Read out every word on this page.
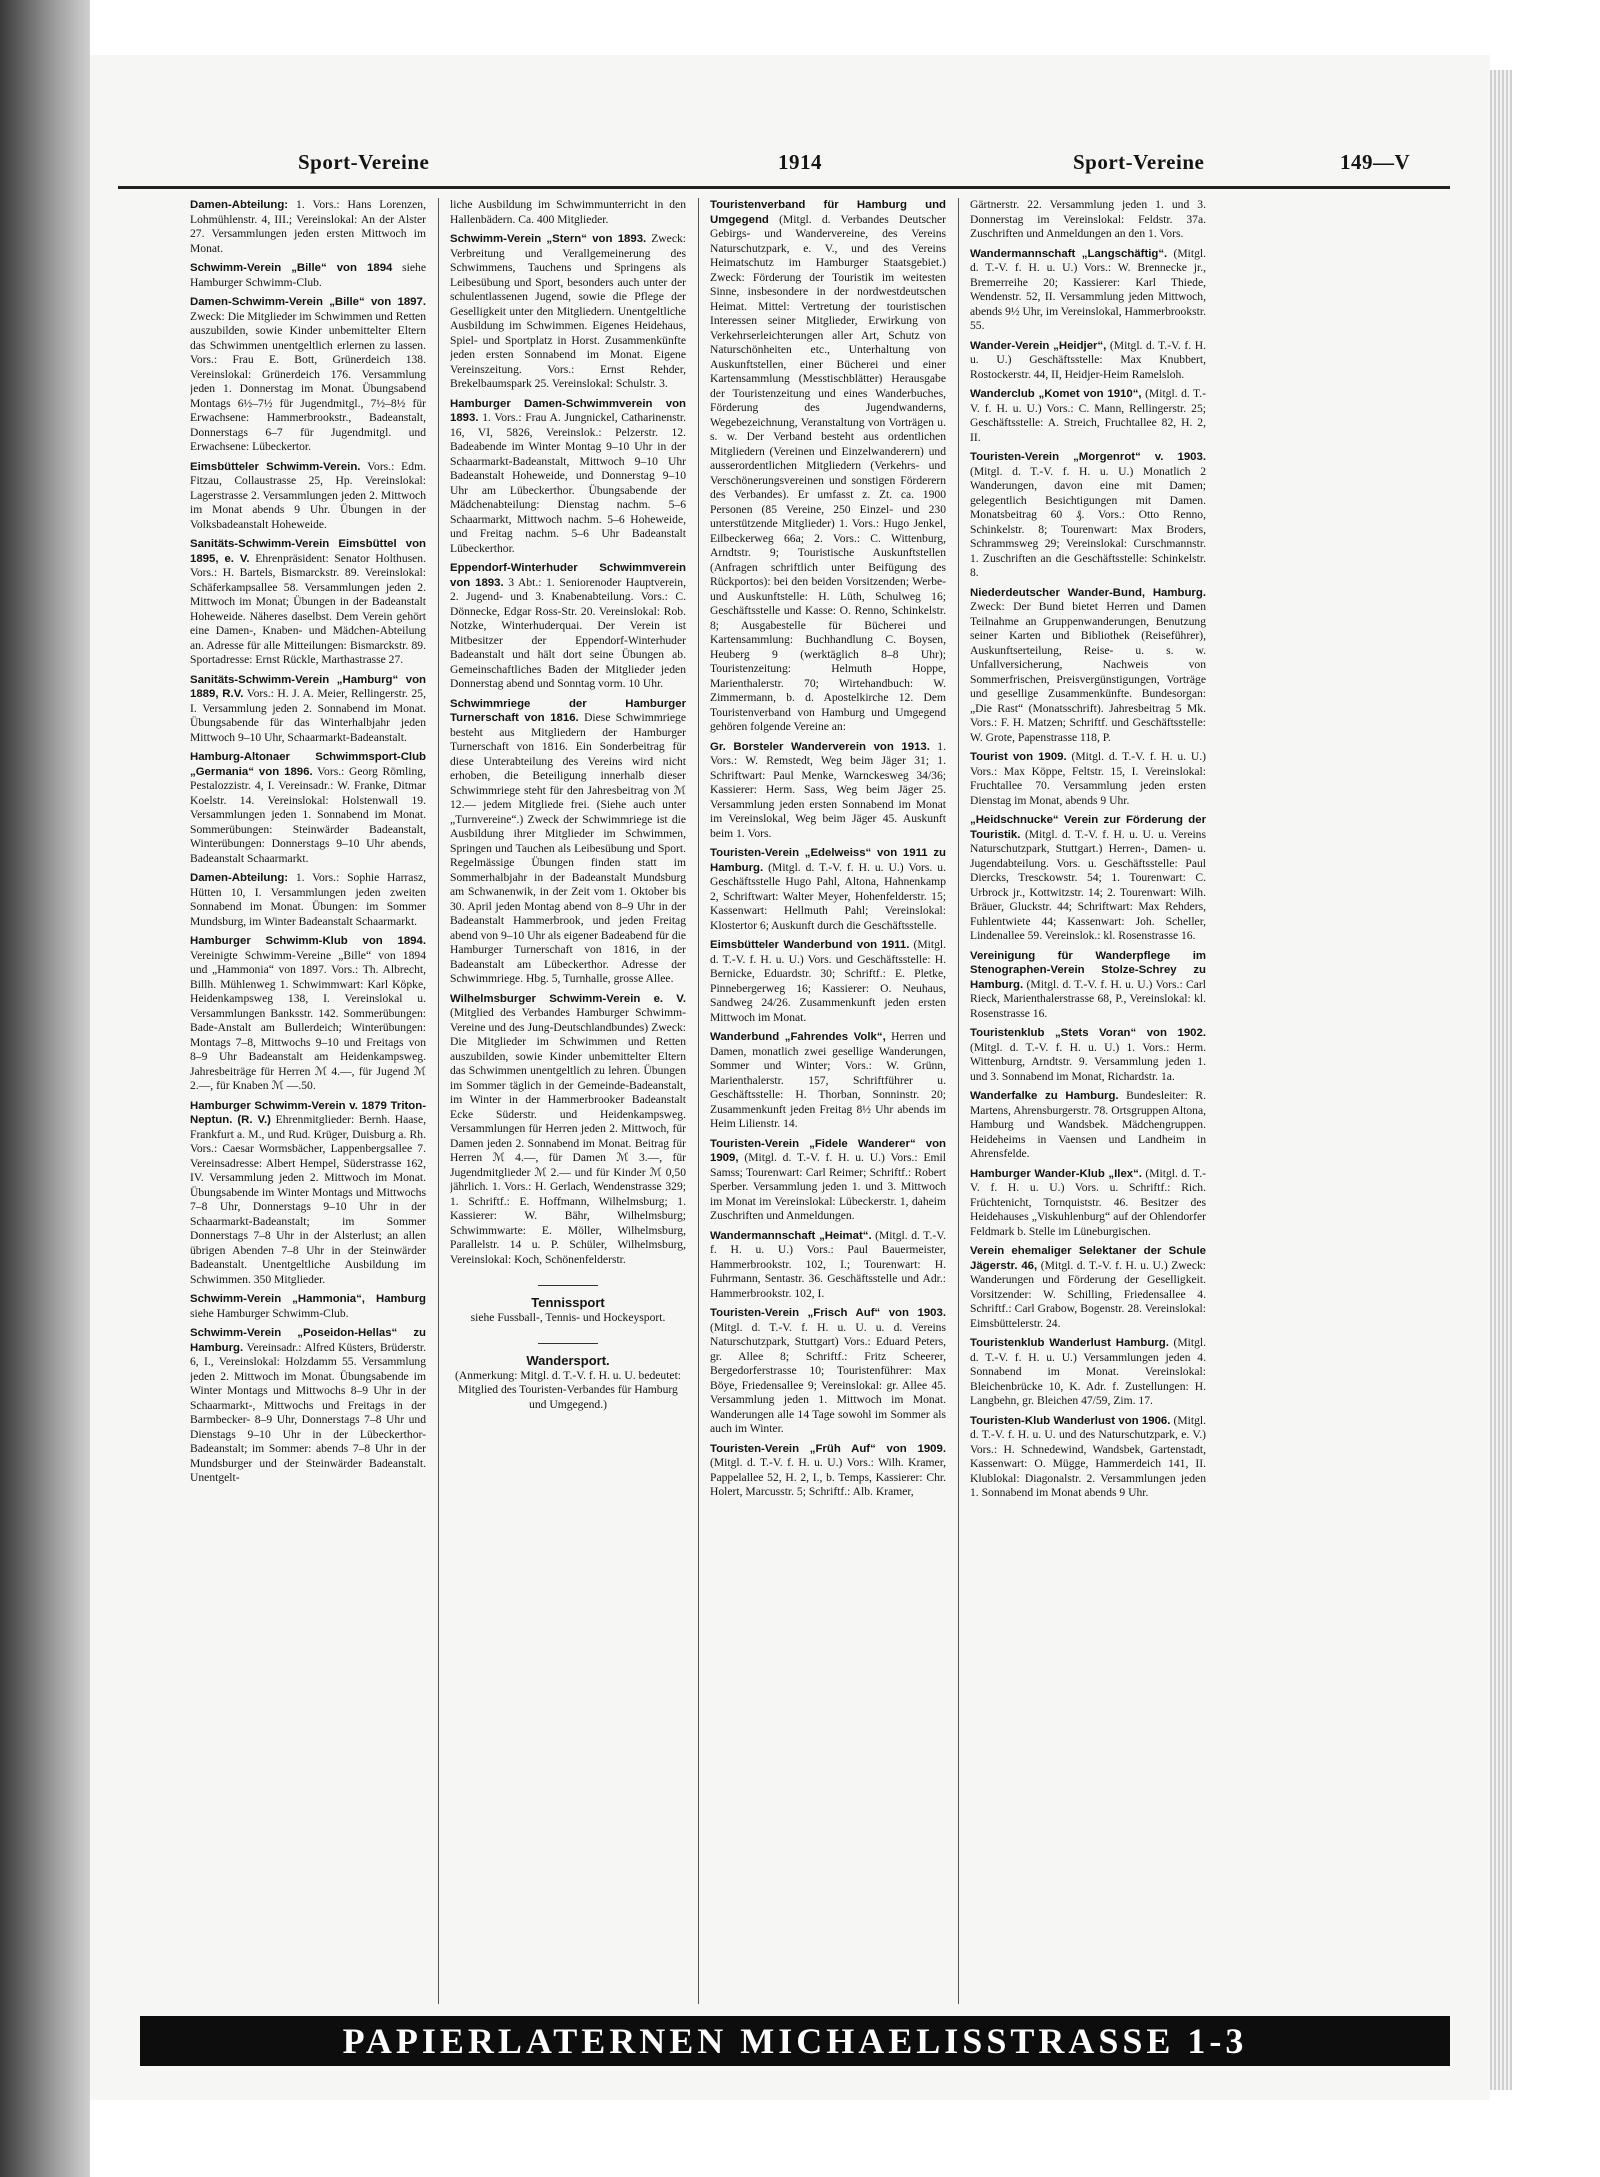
Sport-Vereine	1914	Sport-Vereine	149—V

Damen-Abteilung: 1. Vors.: Hans Lorenzen, Lohmühlenstr. 4, III.; Vereinslokal: An der Alster 27. Versammlungen jeden ersten Mittwoch im Monat.

Schwimm-Verein „Bille“ von 1894 siehe Hamburger Schwimm-Club.

Damen-Schwimm-Verein „Bille“ von 1897. Zweck: Die Mitglieder im Schwimmen und Retten auszubilden, sowie Kinder unbemittelter Eltern das Schwimmen unentgeltlich erlernen zu lassen. Vors.: Frau E. Bott, Grünerdeich 138. Vereinslokal: Grünerdeich 176. Versammlung jeden 1. Donnerstag im Monat. Übungsabend Montags 6½–7½ für Jugendmitgl., 7½–8½ für Erwachsene: Hammerbrookstr., Badeanstalt, Donnerstags 6–7 für Jugendmitgl. und Erwachsene: Lübeckertor.

Eimsbütteler Schwimm-Verein. Vors.: Edm. Fitzau, Collaustrasse 25, Hp. Vereinslokal: Lagerstrasse 2. Versammlungen jeden 2. Mittwoch im Monat abends 9 Uhr. Übungen in der Volksbadeanstalt Hoheweide.

Sanitäts-Schwimm-Verein Eimsbüttel von 1895, e. V. Ehrenpräsident: Senator Holthusen. Vors.: H. Bartels, Bismarckstr. 89. Vereinslokal: Schäferkampsallee 58. Versammlungen jeden 2. Mittwoch im Monat; Übungen in der Badeanstalt Hoheweide. Näheres daselbst. Dem Verein gehört eine Damen-, Knaben- und Mädchen-Abteilung an. Adresse für alle Mitteilungen: Bismarckstr. 89. Sportadresse: Ernst Rückle, Marthastrasse 27.

Sanitäts-Schwimm-Verein „Hamburg“ von 1889, R.V. Vors.: H. J. A. Meier, Rellingerstr. 25, I. Versammlung jeden 2. Sonnabend im Monat. Übungsabende für das Winterhalbjahr jeden Mittwoch 9–10 Uhr, Schaarmarkt-Badeanstalt.

Hamburg-Altonaer Schwimmsport-Club „Germania“ von 1896. Vors.: Georg Römling, Pestalozzistr. 4, I. Vereinsadr.: W. Franke, Ditmar Koelstr. 14. Vereinslokal: Holstenwall 19. Versammlungen jeden 1. Sonnabend im Monat. Sommerübungen: Steinwärder Badeanstalt, Winterübungen: Donnerstags 9–10 Uhr abends, Badeanstalt Schaarmarkt.

Damen-Abteilung: 1. Vors.: Sophie Harrasz, Hütten 10, I. Versammlungen jeden zweiten Sonnabend im Monat. Übungen: im Sommer Mundsburg, im Winter Badeanstalt Schaarmarkt.

Hamburger Schwimm-Klub von 1894. Vereinigte Schwimm-Vereine „Bille“ von 1894 und „Hammonia“ von 1897. Vors.: Th. Albrecht, Billh. Mühlenweg 1. Schwimmwart: Karl Köpke, Heidenkampsweg 138, I. Vereinslokal u. Versammlungen Banksstr. 142. Sommerübungen: Bade-Anstalt am Bullerdeich; Winterübungen: Montags 7–8, Mittwochs 9–10 und Freitags von 8–9 Uhr Badeanstalt am Heidenkampsweg. Jahresbeiträge für Herren ℳ 4.—, für Jugend ℳ 2.—, für Knaben ℳ —.50.

Hamburger Schwimm-Verein v. 1879 Triton-Neptun. (R. V.) Ehrenmitglieder: Bernh. Haase, Frankfurt a. M., und Rud. Krüger, Duisburg a. Rh. Vors.: Caesar Wormsbächer, Lappenbergsallee 7. Vereinsadresse: Albert Hempel, Süderstrasse 162, IV. Versammlung jeden 2. Mittwoch im Monat. Übungsabende im Winter Montags und Mittwochs 7–8 Uhr, Donnerstags 9–10 Uhr in der Schaarmarkt-Badeanstalt; im Sommer Donnerstags 7–8 Uhr in der Alsterlust; an allen übrigen Abenden 7–8 Uhr in der Steinwärder Badeanstalt. Unentgeltliche Ausbildung im Schwimmen. 350 Mitglieder.

Schwimm-Verein „Hammonia“, Hamburg siehe Hamburger Schwimm-Club.

Schwimm-Verein „Poseidon-Hellas“ zu Hamburg. Vereinsadr.: Alfred Küsters, Brüderstr. 6, I., Vereinslokal: Holzdamm 55. Versammlung jeden 2. Mittwoch im Monat. Übungsabende im Winter Montags und Mittwochs 8–9 Uhr in der Schaarmarkt-, Mittwochs und Freitags in der Barmbecker- 8–9 Uhr, Donnerstags 7–8 Uhr und Dienstags 9–10 Uhr in der Lübeckerthor-Badeanstalt; im Sommer: abends 7–8 Uhr in der Mundsburger und der Steinwärder Badeanstalt. Unentgelt-

liche Ausbildung im Schwimmunterricht in den Hallenbädern. Ca. 400 Mitglieder.

Schwimm-Verein „Stern“ von 1893. Zweck: Verbreitung und Verallgemeinerung des Schwimmens, Tauchens und Springens als Leibesübung und Sport, besonders auch unter der schulentlassenen Jugend, sowie die Pflege der Geselligkeit unter den Mitgliedern. Unentgeltliche Ausbildung im Schwimmen. Eigenes Heidehaus, Spiel- und Sportplatz in Horst. Zusammenkünfte jeden ersten Sonnabend im Monat. Eigene Vereinszeitung. Vors.: Ernst Rehder, Brekelbaumspark 25. Vereinslokal: Schulstr. 3.

Hamburger Damen-Schwimmverein von 1893. 1. Vors.: Frau A. Jungnickel, Catharinenstr. 16, VI, 5826, Vereinslok.: Pelzerstr. 12. Badeabende im Winter Montag 9–10 Uhr in der Schaarmarkt-Badeanstalt, Mittwoch 9–10 Uhr Badeanstalt Hoheweide, und Donnerstag 9–10 Uhr am Lübeckerthor. Übungsabende der Mädchenabteilung: Dienstag nachm. 5–6 Schaarmarkt, Mittwoch nachm. 5–6 Hoheweide, und Freitag nachm. 5–6 Uhr Badeanstalt Lübeckerthor.

Eppendorf-Winterhuder Schwimmverein von 1893. 3 Abt.: 1. Seniorenoder Hauptverein, 2. Jugend- und 3. Knabenabteilung. Vors.: C. Dönnecke, Edgar Ross-Str. 20. Vereinslokal: Rob. Notzke, Winterhuderquai. Der Verein ist Mitbesitzer der Eppendorf-Winterhuder Badeanstalt und hält dort seine Übungen ab. Gemeinschaftliches Baden der Mitglieder jeden Donnerstag abend und Sonntag vorm. 10 Uhr.

Schwimmriege der Hamburger Turnerschaft von 1816. Diese Schwimmriege besteht aus Mitgliedern der Hamburger Turnerschaft von 1816. Ein Sonderbeitrag für diese Unterabteilung des Vereins wird nicht erhoben, die Beteiligung innerhalb dieser Schwimmriege steht für den Jahresbeitrag von ℳ 12.— jedem Mitgliede frei. (Siehe auch unter „Turnvereine“.) Zweck der Schwimmriege ist die Ausbildung ihrer Mitglieder im Schwimmen, Springen und Tauchen als Leibesübung und Sport. Regelmässige Übungen finden statt im Sommerhalbjahr in der Badeanstalt Mundsburg am Schwanenwik, in der Zeit vom 1. Oktober bis 30. April jeden Montag abend von 8–9 Uhr in der Badeanstalt Hammerbrook, und jeden Freitag abend von 9–10 Uhr als eigener Badeabend für die Hamburger Turnerschaft von 1816, in der Badeanstalt am Lübeckerthor. Adresse der Schwimmriege. Hbg. 5, Turnhalle, grosse Allee.

Wilhelmsburger Schwimm-Verein e. V. (Mitglied des Verbandes Hamburger Schwimm-Vereine und des Jung-Deutschlandbundes) Zweck: Die Mitglieder im Schwimmen und Retten auszubilden, sowie Kinder unbemittelter Eltern das Schwimmen unentgeltlich zu lehren. Übungen im Sommer täglich in der Gemeinde-Badeanstalt, im Winter in der Hammerbrooker Badeanstalt Ecke Süderstr. und Heidenkampsweg. Versammlungen für Herren jeden 2. Mittwoch, für Damen jeden 2. Sonnabend im Monat. Beitrag für Herren ℳ 4.—, für Damen ℳ 3.—, für Jugendmitglieder ℳ 2.— und für Kinder ℳ 0,50 jährlich. 1. Vors.: H. Gerlach, Wendenstrasse 329; 1. Schriftf.: E. Hoffmann, Wilhelmsburg; 1. Kassierer: W. Bähr, Wilhelmsburg; Schwimmwarte: E. Möller, Wilhelmsburg, Parallelstr. 14 u. P. Schüler, Wilhelmsburg, Vereinslokal: Koch, Schönenfelderstr.

Tennissport
siehe Fussball-, Tennis- und Hockeysport.
Wandersport.
(Anmerkung: Mitgl. d. T.-V. f. H. u. U. bedeutet: Mitglied des Touristen-Verbandes für Hamburg und Umgegend.)

Touristenverband für Hamburg und Umgegend (Mitgl. d. Verbandes Deutscher Gebirgs- und Wandervereine, des Vereins Naturschutzpark, e. V., und des Vereins Heimatschutz im Hamburger Staatsgebiet.) Zweck: Förderung der Touristik im weitesten Sinne, insbesondere in der nordwestdeutschen Heimat. Mittel: Vertretung der touristischen Interessen seiner Mitglieder, Erwirkung von Verkehrserleichterungen aller Art, Schutz von Naturschönheiten etc., Unterhaltung von Auskunftstellen, einer Bücherei und einer Kartensammlung (Messtischblätter) Herausgabe der Touristenzeitung und eines Wanderbuches, Förderung des Jugendwanderns, Wegebezeichnung, Veranstaltung von Vorträgen u. s. w. Der Verband besteht aus ordentlichen Mitgliedern (Vereinen und Einzelwanderern) und ausserordentlichen Mitgliedern (Verkehrs- und Verschönerungsvereinen und sonstigen Förderern des Verbandes). Er umfasst z. Zt. ca. 1900 Personen (85 Vereine, 250 Einzel- und 230 unterstützende Mitglieder) 1. Vors.: Hugo Jenkel, Eilbeckerweg 66a; 2. Vors.: C. Wittenburg, Arndtstr. 9; Touristische Auskunftstellen (Anfragen schriftlich unter Beifügung des Rückportos): bei den beiden Vorsitzenden; Werbe- und Auskunftstelle: H. Lüth, Schulweg 16; Geschäftsstelle und Kasse: O. Renno, Schinkelstr. 8; Ausgabestelle für Bücherei und Kartensammlung: Buchhandlung C. Boysen, Heuberg 9 (werktäglich 8–8 Uhr); Touristenzeitung: Helmuth Hoppe, Marienthalerstr. 70; Wirtehandbuch: W. Zimmermann, b. d. Apostelkirche 12. Dem Touristenverband von Hamburg und Umgegend gehören folgende Vereine an:

Gr. Borsteler Wanderverein von 1913. 1. Vors.: W. Remstedt, Weg beim Jäger 31; 1. Schriftwart: Paul Menke, Warnckesweg 34/36; Kassierer: Herm. Sass, Weg beim Jäger 25. Versammlung jeden ersten Sonnabend im Monat im Vereinslokal, Weg beim Jäger 45. Auskunft beim 1. Vors.

Touristen-Verein „Edelweiss“ von 1911 zu Hamburg. (Mitgl. d. T.-V. f. H. u. U.) Vors. u. Geschäftsstelle Hugo Pahl, Altona, Hahnenkamp 2, Schriftwart: Walter Meyer, Hohenfelderstr. 15; Kassenwart: Hellmuth Pahl; Vereinslokal: Klostertor 6; Auskunft durch die Geschäftsstelle.

Eimsbütteler Wanderbund von 1911. (Mitgl. d. T.-V. f. H. u. U.) Vors. und Geschäftsstelle: H. Bernicke, Eduardstr. 30; Schriftf.: E. Pletke, Pinnebergerweg 16; Kassierer: O. Neuhaus, Sandweg 24/26. Zusammenkunft jeden ersten Mittwoch im Monat.

Wanderbund „Fahrendes Volk“, Herren und Damen, monatlich zwei gesellige Wanderungen, Sommer und Winter; Vors.: W. Grünn, Marienthalerstr. 157, Schriftführer u. Geschäftsstelle: H. Thorban, Sonninstr. 20; Zusammenkunft jeden Freitag 8½ Uhr abends im Heim Lilienstr. 14.

Touristen-Verein „Fidele Wanderer“ von 1909, (Mitgl. d. T.-V. f. H. u. U.) Vors.: Emil Samss; Tourenwart: Carl Reimer; Schriftf.: Robert Sperber. Versammlung jeden 1. und 3. Mittwoch im Monat im Vereinslokal: Lübeckerstr. 1, daheim Zuschriften und Anmeldungen.

Wandermannschaft „Heimat“. (Mitgl. d. T.-V. f. H. u. U.) Vors.: Paul Bauermeister, Hammerbrookstr. 102, I.; Tourenwart: H. Fuhrmann, Sentastr. 36. Geschäftsstelle und Adr.: Hammerbrookstr. 102, I.

Touristen-Verein „Frisch Auf“ von 1903. (Mitgl. d. T.-V. f. H. u. U. u. d. Vereins Naturschutzpark, Stuttgart) Vors.: Eduard Peters, gr. Allee 8; Schriftf.: Fritz Scheerer, Bergedorferstrasse 10; Touristenführer: Max Böye, Friedensallee 9; Vereinslokal: gr. Allee 45. Versammlung jeden 1. Mittwoch im Monat. Wanderungen alle 14 Tage sowohl im Sommer als auch im Winter.

Touristen-Verein „Früh Auf“ von 1909. (Mitgl. d. T.-V. f. H. u. U.) Vors.: Wilh. Kramer, Pappelallee 52, H. 2, I., b. Temps, Kassierer: Chr. Holert, Marcusstr. 5; Schriftf.: Alb. Kramer,

Gärtnerstr. 22. Versammlung jeden 1. und 3. Donnerstag im Vereinslokal: Feldstr. 37a. Zuschriften und Anmeldungen an den 1. Vors.

Wandermannschaft „Langschäftig“. (Mitgl. d. T.-V. f. H. u. U.) Vors.: W. Brennecke jr., Bremerreihe 20; Kassierer: Karl Thiede, Wendenstr. 52, II. Versammlung jeden Mittwoch, abends 9½ Uhr, im Vereinslokal, Hammerbrookstr. 55.

Wander-Verein „Heidjer“, (Mitgl. d. T.-V. f. H. u. U.) Geschäftsstelle: Max Knubbert, Rostockerstr. 44, II, Heidjer-Heim Ramelsloh.

Wanderclub „Komet von 1910“, (Mitgl. d. T.-V. f. H. u. U.) Vors.: C. Mann, Rellingerstr. 25; Geschäftsstelle: A. Streich, Fruchtallee 82, H. 2, II.

Touristen-Verein „Morgenrot“ v. 1903. (Mitgl. d. T.-V. f. H. u. U.) Monatlich 2 Wanderungen, davon eine mit Damen; gelegentlich Besichtigungen mit Damen. Monatsbeitrag 60 ₰. Vors.: Otto Renno, Schinkelstr. 8; Tourenwart: Max Broders, Schrammsweg 29; Vereinslokal: Curschmannstr. 1. Zuschriften an die Geschäftsstelle: Schinkelstr. 8.

Niederdeutscher Wander-Bund, Hamburg. Zweck: Der Bund bietet Herren und Damen Teilnahme an Gruppenwanderungen, Benutzung seiner Karten und Bibliothek (Reiseführer), Auskunftserteilung, Reise- u. s. w. Unfallversicherung, Nachweis von Sommerfrischen, Preisvergünstigungen, Vorträge und gesellige Zusammenkünfte. Bundesorgan: „Die Rast“ (Monatsschrift). Jahresbeitrag 5 Mk. Vors.: F. H. Matzen; Schriftf. und Geschäftsstelle: W. Grote, Papenstrasse 118, P.

Tourist von 1909. (Mitgl. d. T.-V. f. H. u. U.) Vors.: Max Köppe, Feltstr. 15, I. Vereinslokal: Fruchtallee 70. Versammlung jeden ersten Dienstag im Monat, abends 9 Uhr.

„Heidschnucke“ Verein zur Förderung der Touristik. (Mitgl. d. T.-V. f. H. u. U. u. Vereins Naturschutzpark, Stuttgart.) Herren-, Damen- u. Jugendabteilung. Vors. u. Geschäftsstelle: Paul Diercks, Tresckowstr. 54; 1. Tourenwart: C. Urbrock jr., Kottwitzstr. 14; 2. Tourenwart: Wilh. Bräuer, Gluckstr. 44; Schriftwart: Max Rehders, Fuhlentwiete 44; Kassenwart: Joh. Scheller, Lindenallee 59. Vereinslok.: kl. Rosenstrasse 16.

Vereinigung für Wanderpflege im Stenographen-Verein Stolze-Schrey zu Hamburg. (Mitgl. d. T.-V. f. H. u. U.) Vors.: Carl Rieck, Marienthalerstrasse 68, P., Vereinslokal: kl. Rosenstrasse 16.

Touristenklub „Stets Voran“ von 1902. (Mitgl. d. T.-V. f. H. u. U.) 1. Vors.: Herm. Wittenburg, Arndtstr. 9. Versammlung jeden 1. und 3. Sonnabend im Monat, Richardstr. 1a.

Wanderfalke zu Hamburg. Bundesleiter: R. Martens, Ahrensburgerstr. 78. Ortsgruppen Altona, Hamburg und Wandsbek. Mädchengruppen. Heideheims in Vaensen und Landheim in Ahrensfelde.

Hamburger Wander-Klub „Ilex“. (Mitgl. d. T.-V. f. H. u. U.) Vors. u. Schriftf.: Rich. Früchtenicht, Tornquiststr. 46. Besitzer des Heidehauses „Viskuhlenburg“ auf der Ohlendorfer Feldmark b. Stelle im Lüneburgischen.

Verein ehemaliger Selektaner der Schule Jägerstr. 46, (Mitgl. d. T.-V. f. H. u. U.) Zweck: Wanderungen und Förderung der Geselligkeit. Vorsitzender: W. Schilling, Friedensallee 4. Schriftf.: Carl Grabow, Bogenstr. 28. Vereinslokal: Eimsbüttelerstr. 24.

Touristenklub Wanderlust Hamburg. (Mitgl. d. T.-V. f. H. u. U.) Versammlungen jeden 4. Sonnabend im Monat. Vereinslokal: Bleichenbrücke 10, K. Adr. f. Zustellungen: H. Langbehn, gr. Bleichen 47/59, Zim. 17.

Touristen-Klub Wanderlust von 1906. (Mitgl. d. T.-V. f. H. u. U. und des Naturschutzpark, e. V.) Vors.: H. Schnedewind, Wandsbek, Gartenstadt, Kassenwart: O. Mügge, Hammerdeich 141, II. Klublokal: Diagonalstr. 2. Versammlungen jeden 1. Sonnabend im Monat abends 9 Uhr.

PAPIERLATERNEN MICHAELISSTRASSE 1-3
